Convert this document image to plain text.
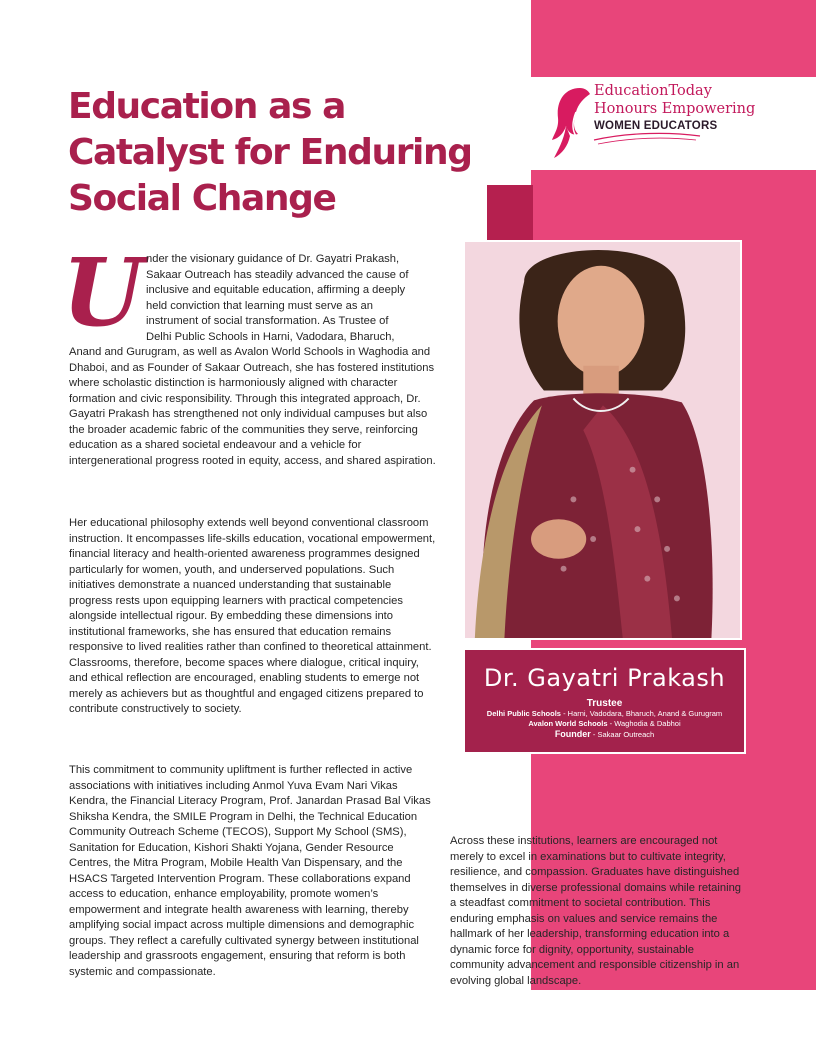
EducationToday
Honours Empowering
WOMEN EDUCATORS
Education as a Catalyst for Enduring Social Change
U nder the visionary guidance of Dr. Gayatri Prakash,
Sakaar Outreach has steadily advanced the cause of
inclusive and equitable education, affirming a deeply
held conviction that learning must serve as an
instrument of social transformation. As Trustee of
Delhi Public Schools in Harni, Vadodara, Bharuch,

Anand and Gurugram, as well as Avalon World Schools in Waghodia and Dhaboi, and as Founder of Sakaar Outreach, she has fostered institutions where scholastic distinction is harmoniously aligned with character formation and civic responsibility. Through this integrated approach, Dr. Gayatri Prakash has strengthened not only individual campuses but also the broader academic fabric of the communities they serve, reinforcing education as a shared societal endeavour and a vehicle for intergenerational progress rooted in equity, access, and shared aspiration.

Her educational philosophy extends well beyond conventional classroom instruction. It encompasses life-skills education, vocational empowerment, financial literacy and health-oriented awareness programmes designed particularly for women, youth, and underserved populations. Such initiatives demonstrate a nuanced understanding that sustainable progress rests upon equipping learners with practical competencies alongside intellectual rigour. By embedding these dimensions into institutional frameworks, she has ensured that education remains responsive to lived realities rather than confined to theoretical attainment. Classrooms, therefore, become spaces where dialogue, critical inquiry, and ethical reflection are encouraged, enabling students to emerge not merely as achievers but as thoughtful and engaged citizens prepared to contribute constructively to society.

This commitment to community upliftment is further reflected in active associations with initiatives including Anmol Yuva Evam Nari Vikas Kendra, the Financial Literacy Program, Prof. Janardan Prasad Bal Vikas Shiksha Kendra, the SMILE Program in Delhi, the Technical Education Community Outreach Scheme (TECOS), Support My School (SMS), Sanitation for Education, Kishori Shakti Yojana, Gender Resource Centres, the Mitra Program, Mobile Health Van Dispensary, and the HSACS Targeted Intervention Program. These collaborations expand access to education, enhance employability, promote women’s empowerment and integrate health awareness with learning, thereby amplifying social impact across multiple dimensions and demographic groups. They reflect a carefully cultivated synergy between institutional leadership and grassroots engagement, ensuring that reform is both systemic and compassionate.

Across these institutions, learners are encouraged not merely to excel in examinations but to cultivate integrity, resilience, and compassion. Graduates have distinguished themselves in diverse professional domains while retaining a steadfast commitment to societal contribution. This enduring emphasis on values and service remains the hallmark of her leadership, transforming education into a dynamic force for dignity, opportunity, sustainable community advancement and responsible citizenship in an evolving global landscape.

Dr. Gayatri Prakash
Trustee
Delhi Public Schools - Harni, Vadodara, Bharuch, Anand & Gurugram
Avalon World Schools - Waghodia & Dabhoi
Founder - Sakaar Outreach
